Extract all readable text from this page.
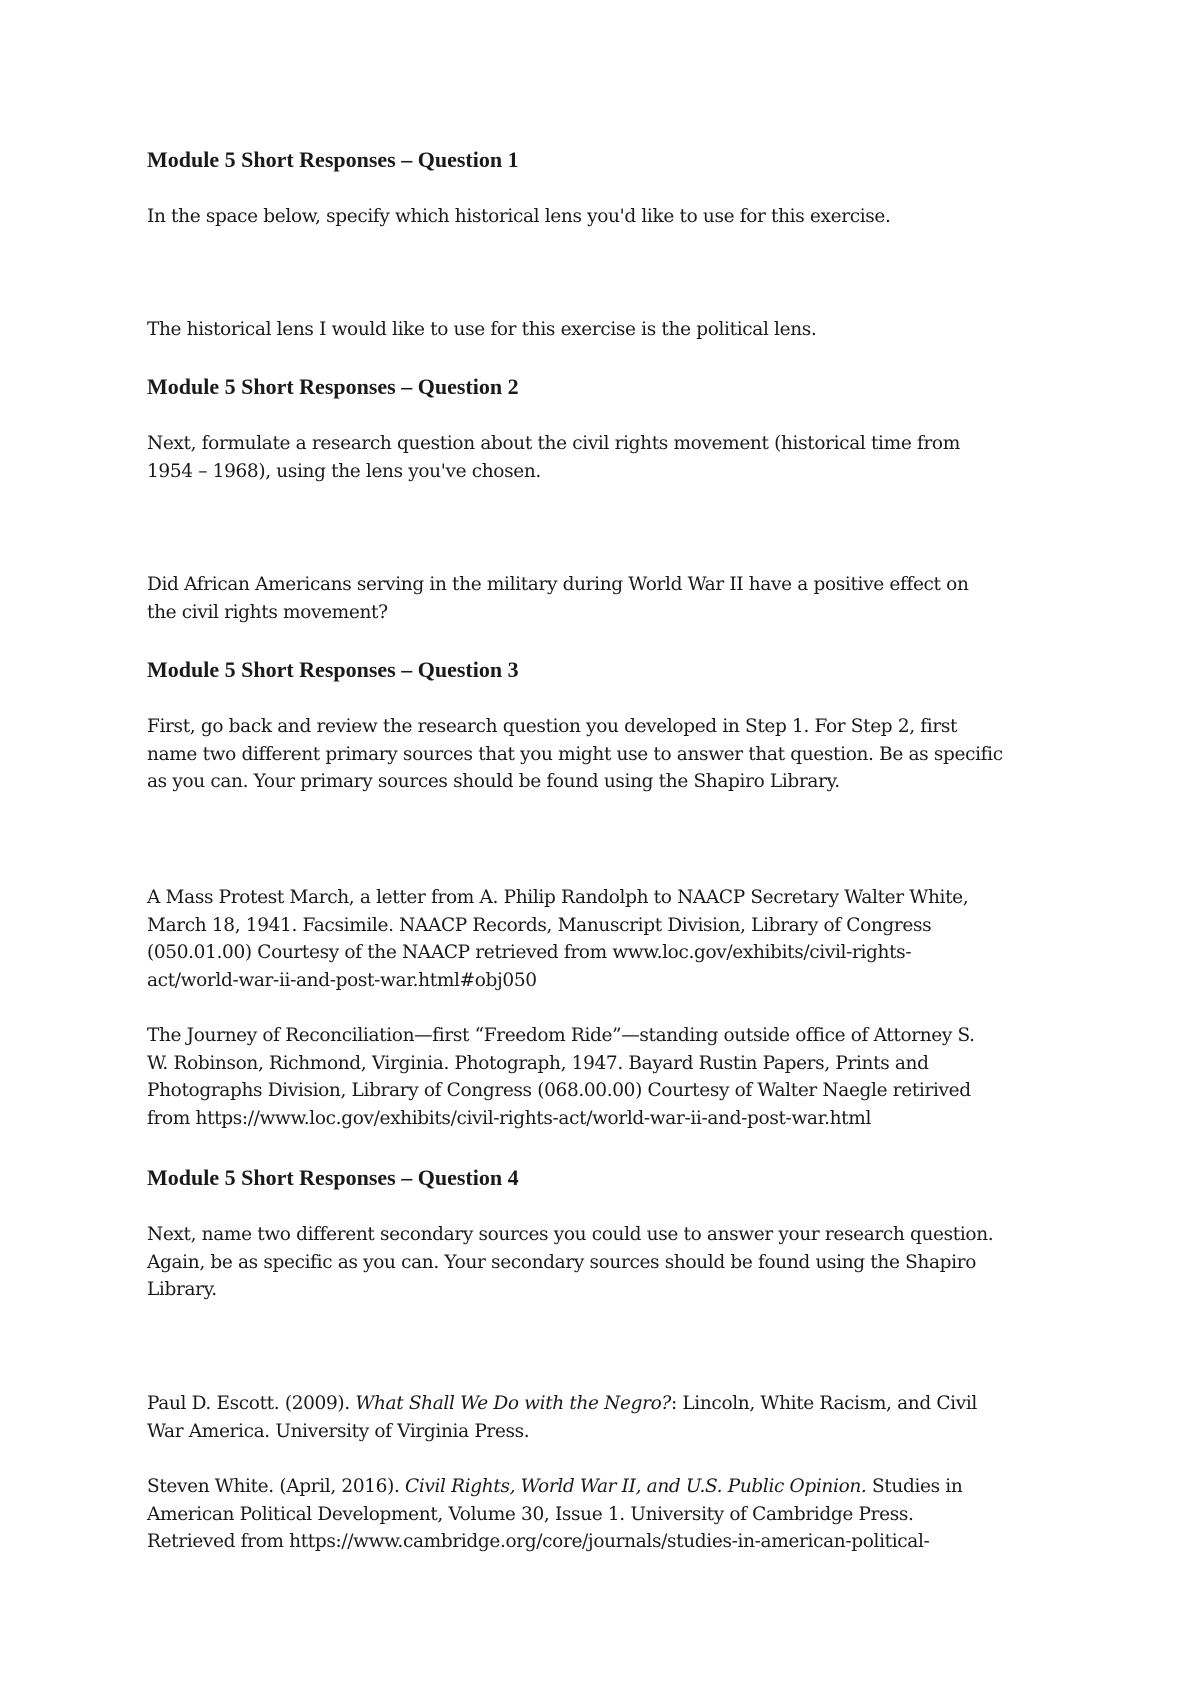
Module 5 Short Responses – Question 1
In the space below, specify which historical lens you'd like to use for this exercise.
The historical lens I would like to use for this exercise is the political lens.
Module 5 Short Responses – Question 2
Next, formulate a research question about the civil rights movement (historical time from
1954 – 1968), using the lens you've chosen.
Did African Americans serving in the military during World War II have a positive effect on
the civil rights movement?
Module 5 Short Responses – Question 3
First, go back and review the research question you developed in Step 1. For Step 2, first
name two different primary sources that you might use to answer that question. Be as specific
as you can. Your primary sources should be found using the Shapiro Library.
A Mass Protest March, a letter from A. Philip Randolph to NAACP Secretary Walter White,
March 18, 1941. Facsimile. NAACP Records, Manuscript Division, Library of Congress
(050.01.00) Courtesy of the NAACP retrieved from www.loc.gov/exhibits/civil-rights-
act/world-war-ii-and-post-war.html#obj050
The Journey of Reconciliation—first “Freedom Ride”—standing outside office of Attorney S.
W. Robinson, Richmond, Virginia. Photograph, 1947. Bayard Rustin Papers, Prints and
Photographs Division, Library of Congress (068.00.00) Courtesy of Walter Naegle retirived
from https://www.loc.gov/exhibits/civil-rights-act/world-war-ii-and-post-war.html
Module 5 Short Responses – Question 4
Next, name two different secondary sources you could use to answer your research question.
Again, be as specific as you can. Your secondary sources should be found using the Shapiro
Library.
Paul D. Escott. (2009). What Shall We Do with the Negro?: Lincoln, White Racism, and Civil
War America. University of Virginia Press.
Steven White. (April, 2016). Civil Rights, World War II, and U.S. Public Opinion. Studies in
American Political Development, Volume 30, Issue 1. University of Cambridge Press.
Retrieved from https://www.cambridge.org/core/journals/studies-in-american-political-
